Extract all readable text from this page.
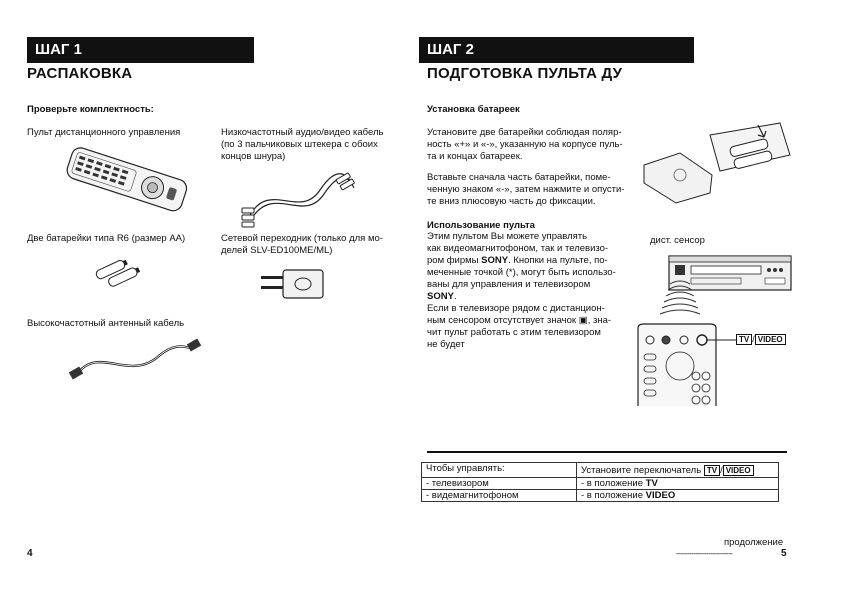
ШАГ 1
РАСПАКОВКА
Проверьте комплектность:
Пульт дистанционного управления	Низкочастотный аудио/видео кабель
(по 3 пальчиковых штекера с обоих
концов шнура)
Две батарейки типа R6 (размер АА)	Сетевой переходник (только для мо-
делей SLV-ED100ME/ML)
Высокочастотный антенный кабель
4
ШАГ 2
ПОДГОТОВКА ПУЛЬТА ДУ
Установка батареек
Установите две батарейки соблюдая поляр-
ность «+» и «-», указанную на корпусе пуль-
та и концах батареек.
Вставьте сначала часть батарейки, поме-
ченную знаком «-», затем нажмите и опусти-
те вниз плюсовую часть до фиксации.
Использование пульта
Этим пультом Вы можете управлять
как видеомагнитофоном, так и телевизо-
ром фирмы SONY. Кнопки на пульте, по-
меченные точкой (*), могут быть использо-
ваны для управления и телевизором
SONY.
Если в телевизоре рядом с дистанцион-
ным сенсором отсутствует значок ▣, зна-
чит пульт работать с этим телевизором
не будет
дист. сенсор
TV / VIDEO
Чтобы управлять:	Установите переключатель TV / VIDEO
- телевизором	- в положение TV
- видемагнитофоном	- в положение VIDEO
продолжение
--------------------------	5
